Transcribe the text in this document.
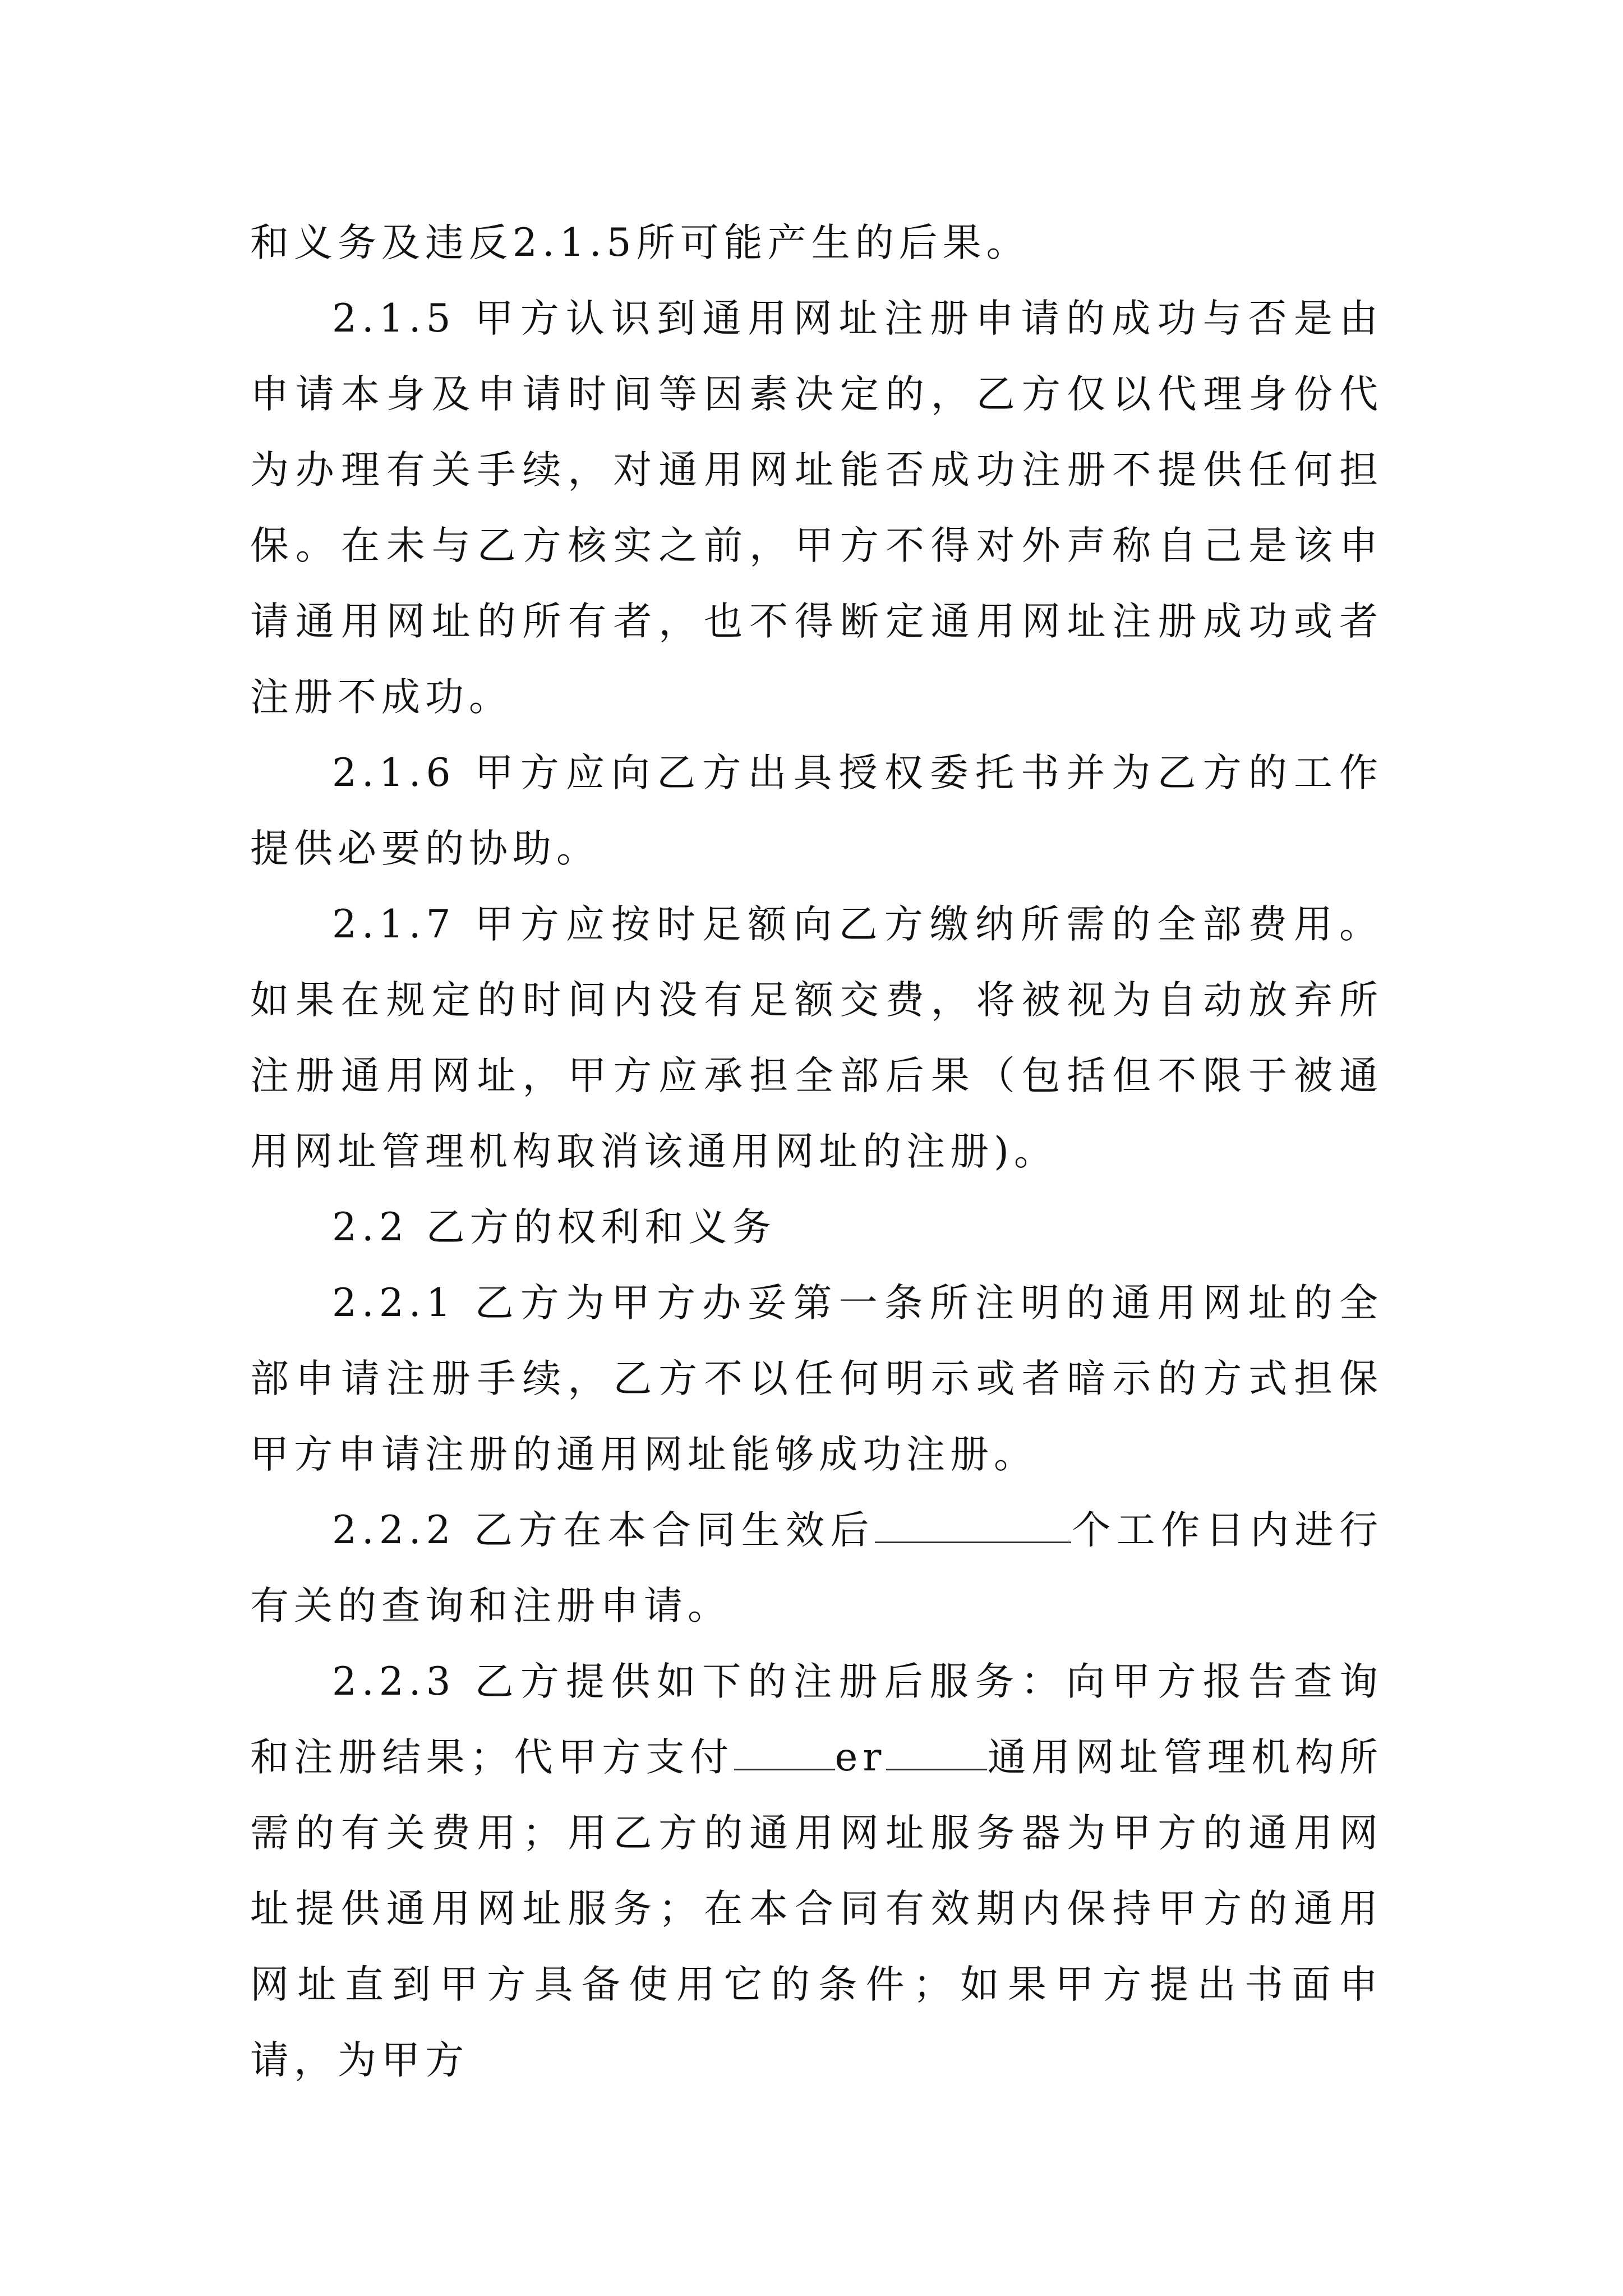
和义务及违反2.1.5所可能产生的后果。

2.1.5 甲方认识到通用网址注册申请的成功与否是由申请本身及申请时间等因素决定的，乙方仅以代理身份代为办理有关手续，对通用网址能否成功注册不提供任何担保。在未与乙方核实之前，甲方不得对外声称自己是该申请通用网址的所有者，也不得断定通用网址注册成功或者注册不成功。

2.1.6 甲方应向乙方出具授权委托书并为乙方的工作提供必要的协助。

2.1.7 甲方应按时足额向乙方缴纳所需的全部费用。如果在规定的时间内没有足额交费，将被视为自动放弃所注册通用网址，甲方应承担全部后果（包括但不限于被通用网址管理机构取消该通用网址的注册)。

2.2 乙方的权利和义务

2.2.1 乙方为甲方办妥第一条所注明的通用网址的全部申请注册手续，乙方不以任何明示或者暗示的方式担保甲方申请注册的通用网址能够成功注册。

2.2.2 乙方在本合同生效后	个工作日内进行有关的查询和注册申请。

2.2.3 乙方提供如下的注册后服务：向甲方报告查询和注册结果；代甲方支付	er	通用网址管理机构所需的有关费用；用乙方的通用网址服务器为甲方的通用网址提供通用网址服务；在本合同有效期内保持甲方的通用网址直到甲方具备使用它的条件；如果甲方提出书面申请，为甲方
